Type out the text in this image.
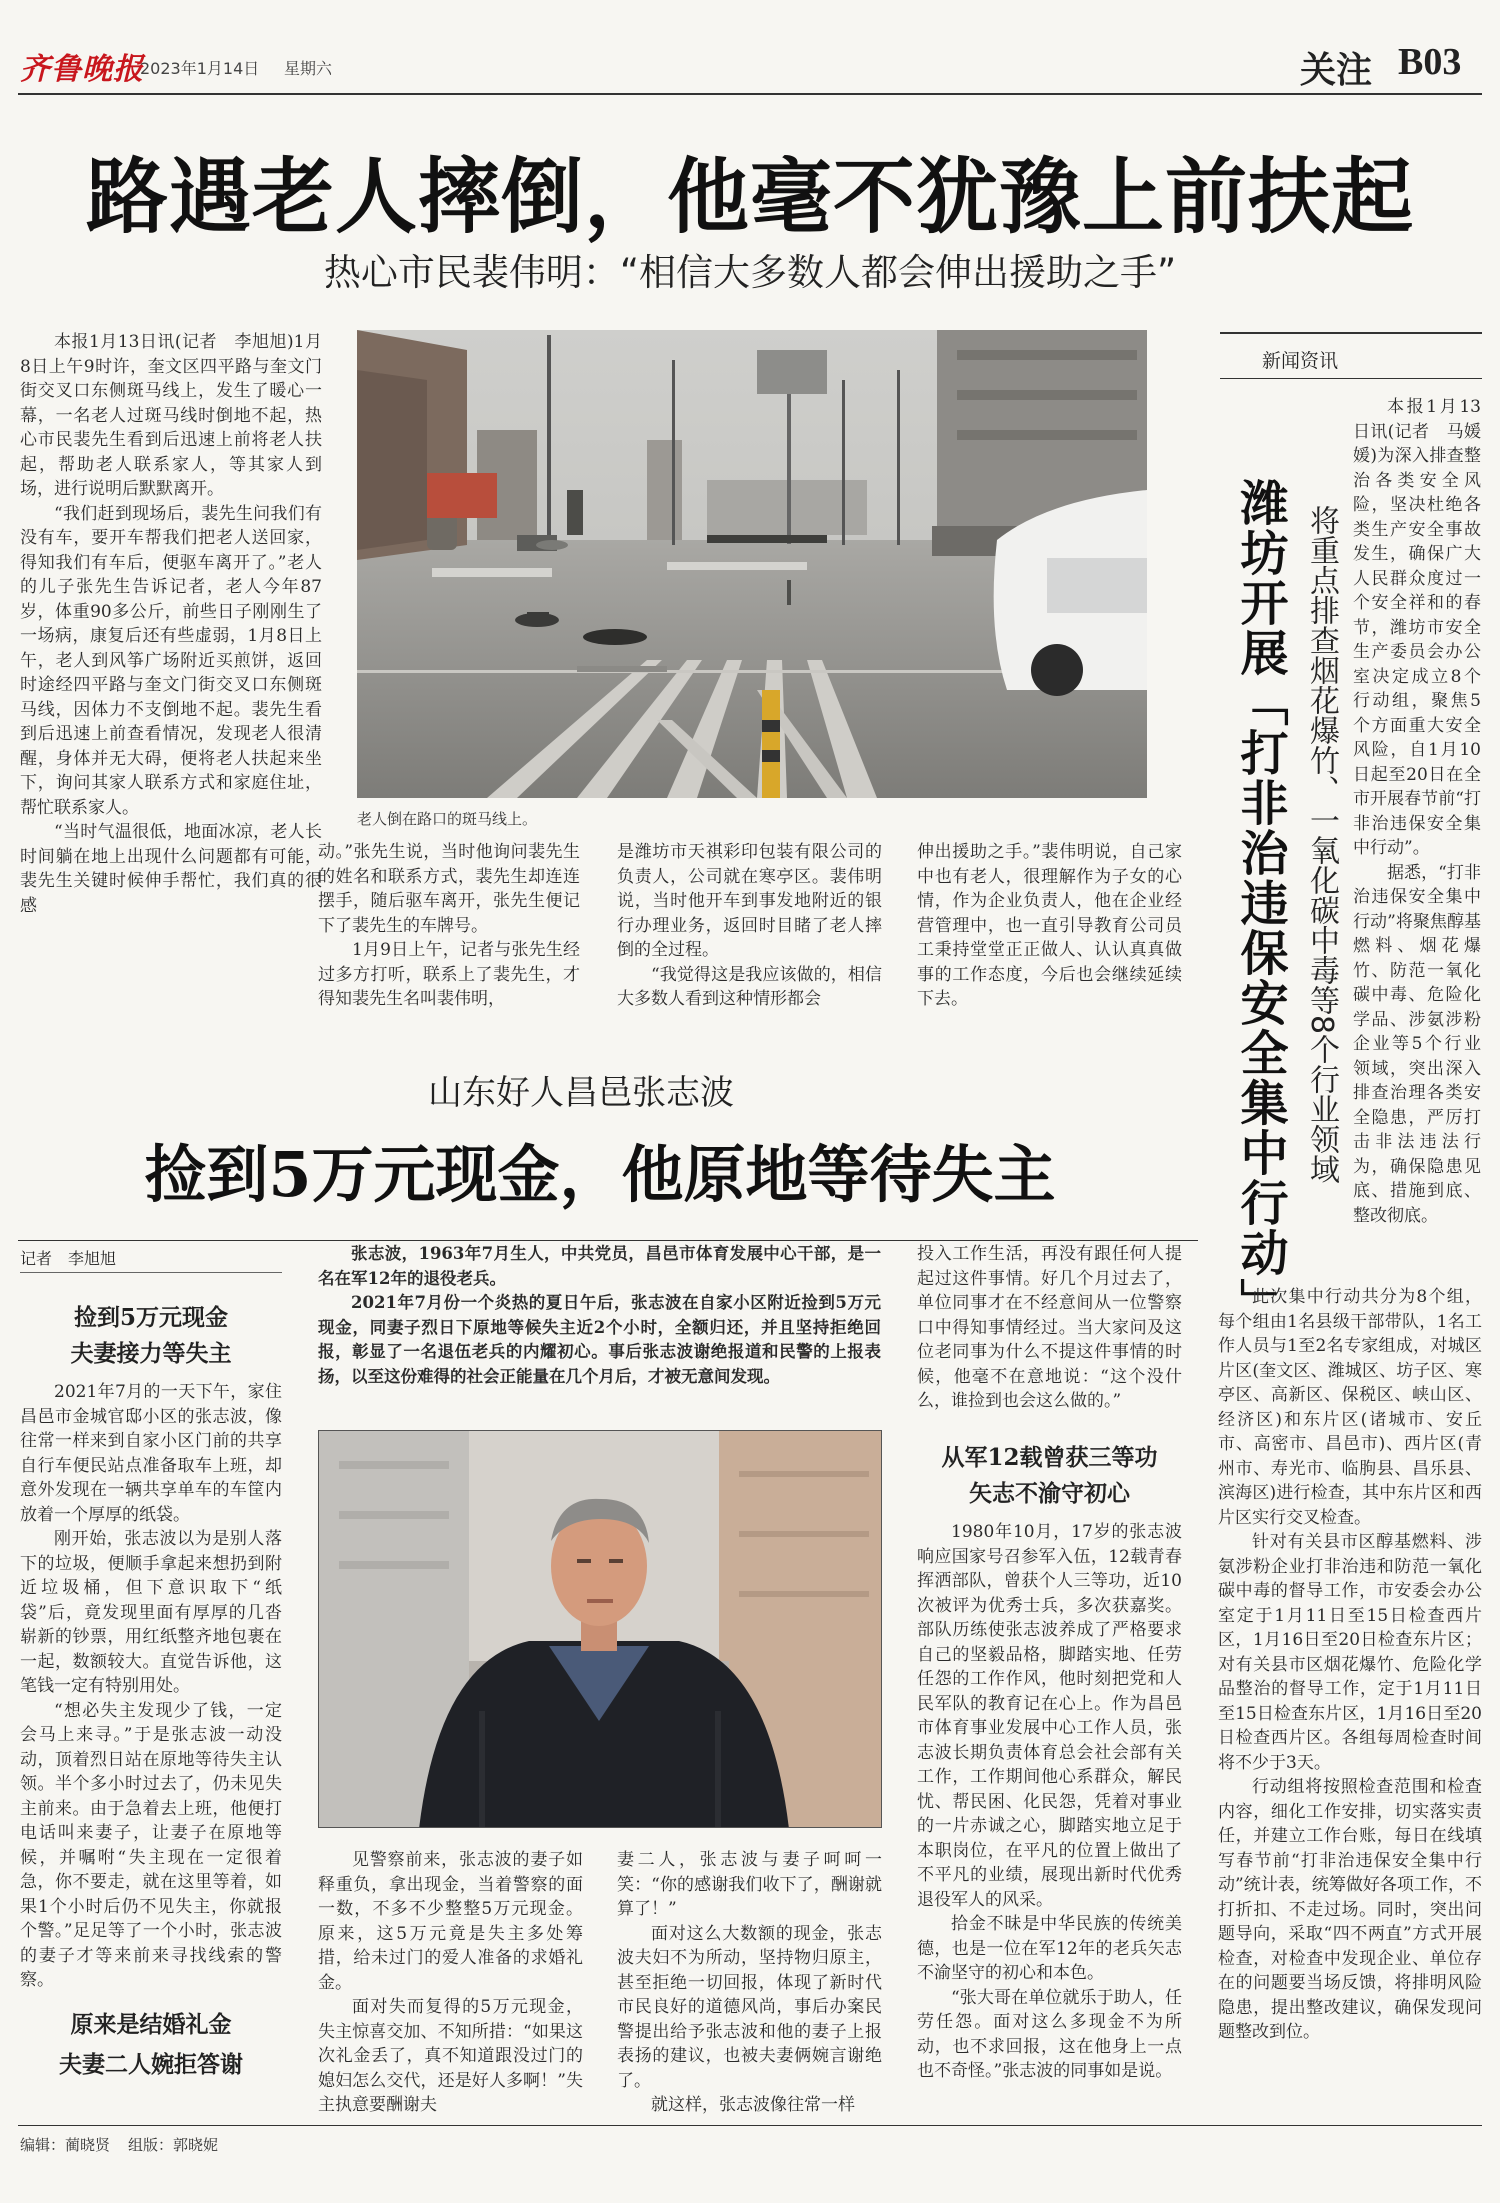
齐鲁晚报
2023年1月14日 星期六	关注 B03
路遇老人摔倒，他毫不犹豫上前扶起
热心市民裴伟明：“相信大多数人都会伸出援助之手”

本报1月13日讯(记者　李旭旭)1月8日上午9时许，奎文区四平路与奎文门街交叉口东侧斑马线上，发生了暖心一幕，一名老人过斑马线时倒地不起，热心市民裴先生看到后迅速上前将老人扶起，帮助老人联系家人，等其家人到场，进行说明后默默离开。

“我们赶到现场后，裴先生问我们有没有车，要开车帮我们把老人送回家，得知我们有车后，便驱车离开了。”老人的儿子张先生告诉记者，老人今年87岁，体重90多公斤，前些日子刚刚生了一场病，康复后还有些虚弱，1月8日上午，老人到风筝广场附近买煎饼，返回时途经四平路与奎文门街交叉口东侧斑马线，因体力不支倒地不起。裴先生看到后迅速上前查看情况，发现老人很清醒，身体并无大碍，便将老人扶起来坐下，询问其家人联系方式和家庭住址，帮忙联系家人。

“当时气温很低，地面冰凉，老人长时间躺在地上出现什么问题都有可能，裴先生关键时候伸手帮忙，我们真的很感

老人倒在路口的斑马线上。

动。”张先生说，当时他询问裴先生的姓名和联系方式，裴先生却连连摆手，随后驱车离开，张先生便记下了裴先生的车牌号。

1月9日上午，记者与张先生经过多方打听，联系上了裴先生，才得知裴先生名叫裴伟明，

是潍坊市天祺彩印包装有限公司的负责人，公司就在寒亭区。裴伟明说，当时他开车到事发地附近的银行办理业务，返回时目睹了老人摔倒的全过程。

“我觉得这是我应该做的，相信大多数人看到这种情形都会

伸出援助之手。”裴伟明说，自己家中也有老人，很理解作为子女的心情，作为企业负责人，他在企业经营管理中，也一直引导教育公司员工秉持堂堂正正做人、认认真真做事的工作态度，今后也会继续延续下去。

新闻资讯
潍坊开展「打非治违保安全集中行动」 将重点排查烟花爆竹、一氧化碳中毒等8个行业领域

本报1月13日讯(记者　马媛媛)为深入排查整治各类安全风险，坚决杜绝各类生产安全事故发生，确保广大人民群众度过一个安全祥和的春节，潍坊市安全生产委员会办公室决定成立8个行动组，聚焦5个方面重大安全风险，自1月10日起至20日在全市开展春节前“打非治违保安全集中行动”。

据悉，“打非治违保安全集中行动”将聚焦醇基燃料、烟花爆竹、防范一氧化碳中毒、危险化学品、涉氨涉粉企业等5个行业领域，突出深入排查治理各类安全隐患，严厉打击非法违法行为，确保隐患见底、措施到底、整改彻底。

此次集中行动共分为8个组，每个组由1名县级干部带队，1名工作人员与1至2名专家组成，对城区片区(奎文区、潍城区、坊子区、寒亭区、高新区、保税区、峡山区、经济区)和东片区(诸城市、安丘市、高密市、昌邑市)、西片区(青州市、寿光市、临朐县、昌乐县、滨海区)进行检查，其中东片区和西片区实行交叉检查。

针对有关县市区醇基燃料、涉氨涉粉企业打非治违和防范一氧化碳中毒的督导工作，市安委会办公室定于1月11日至15日检查西片区，1月16日至20日检查东片区；对有关县市区烟花爆竹、危险化学品整治的督导工作，定于1月11日至15日检查东片区，1月16日至20日检查西片区。各组每周检查时间将不少于3天。

行动组将按照检查范围和检查内容，细化工作安排，切实落实责任，并建立工作台账，每日在线填写春节前“打非治违保安全集中行动”统计表，统筹做好各项工作，不打折扣、不走过场。同时，突出问题导向，采取“四不两直”方式开展检查，对检查中发现企业、单位存在的问题要当场反馈，将排明风险隐患，提出整改建议，确保发现问题整改到位。

山东好人昌邑张志波
捡到5万元现金，他原地等待失主
记者　李旭旭
捡到5万元现金
夫妻接力等失主

2021年7月的一天下午，家住昌邑市金城官邸小区的张志波，像往常一样来到自家小区门前的共享自行车便民站点准备取车上班，却意外发现在一辆共享单车的车筐内放着一个厚厚的纸袋。

刚开始，张志波以为是别人落下的垃圾，便顺手拿起来想扔到附近垃圾桶，但下意识取下“纸袋”后，竟发现里面有厚厚的几沓崭新的钞票，用红纸整齐地包裹在一起，数额较大。直觉告诉他，这笔钱一定有特别用处。

“想必失主发现少了钱，一定会马上来寻。”于是张志波一动没动，顶着烈日站在原地等待失主认领。半个多小时过去了，仍未见失主前来。由于急着去上班，他便打电话叫来妻子，让妻子在原地等候，并嘱咐“失主现在一定很着急，你不要走，就在这里等着，如果1个小时后仍不见失主，你就报个警。”足足等了一个小时，张志波的妻子才等来前来寻找线索的警察。

原来是结婚礼金
夫妻二人婉拒答谢

张志波，1963年7月生人，中共党员，昌邑市体育发展中心干部，是一名在军12年的退役老兵。

2021年7月份一个炎热的夏日午后，张志波在自家小区附近捡到5万元现金，同妻子烈日下原地等候失主近2个小时，全额归还，并且坚持拒绝回报，彰显了一名退伍老兵的内耀初心。事后张志波谢绝报道和民警的上报表扬，以至这份难得的社会正能量在几个月后，才被无意间发现。

见警察前来，张志波的妻子如释重负，拿出现金，当着警察的面一数，不多不少整整5万元现金。原来，这5万元竟是失主多处筹措，给未过门的爱人准备的求婚礼金。

面对失而复得的5万元现金，失主惊喜交加、不知所措：“如果这次礼金丢了，真不知道跟没过门的媳妇怎么交代，还是好人多啊！”失主执意要酬谢夫

妻二人，张志波与妻子呵呵一笑：“你的感谢我们收下了，酬谢就算了！”

面对这么大数额的现金，张志波夫妇不为所动，坚持物归原主，甚至拒绝一切回报，体现了新时代市民良好的道德风尚，事后办案民警提出给予张志波和他的妻子上报表扬的建议，也被夫妻俩婉言谢绝了。

就这样，张志波像往常一样

投入工作生活，再没有跟任何人提起过这件事情。好几个月过去了，单位同事才在不经意间从一位警察口中得知事情经过。当大家问及这位老同事为什么不提这件事情的时候，他毫不在意地说：“这个没什么，谁捡到也会这么做的。”

从军12载曾获三等功
矢志不渝守初心

1980年10月，17岁的张志波响应国家号召参军入伍，12载青春挥洒部队，曾获个人三等功，近10次被评为优秀士兵，多次获嘉奖。部队历练使张志波养成了严格要求自己的坚毅品格，脚踏实地、任劳任怨的工作作风，他时刻把党和人民军队的教育记在心上。作为昌邑市体育事业发展中心工作人员，张志波长期负责体育总会社会部有关工作，工作期间他心系群众，解民忧、帮民困、化民怨，凭着对事业的一片赤诚之心，脚踏实地立足于本职岗位，在平凡的位置上做出了不平凡的业绩，展现出新时代优秀退役军人的风采。

拾金不昧是中华民族的传统美德，也是一位在军12年的老兵矢志不渝坚守的初心和本色。

“张大哥在单位就乐于助人，任劳任怨。面对这么多现金不为所动，也不求回报，这在他身上一点也不奇怪。”张志波的同事如是说。

编辑：蔺晓贤 组版：郭晓妮
